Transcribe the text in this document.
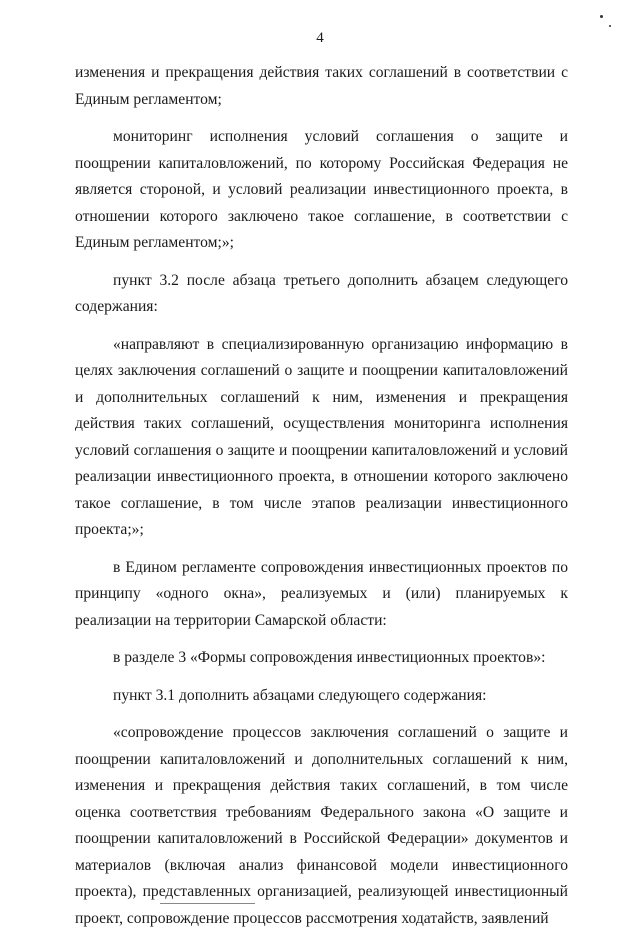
4

изменения и прекращения действия таких соглашений в соответствии с Единым регламентом;

мониторинг исполнения условий соглашения о защите и поощрении капиталовложений, по которому Российская Федерация не является стороной, и условий реализации инвестиционного проекта, в отношении которого заключено такое соглашение, в соответствии с Единым регламентом;»;

пункт 3.2 после абзаца третьего дополнить абзацем следующего содержания:

«направляют в специализированную организацию информацию в целях заключения соглашений о защите и поощрении капиталовложений и дополнительных соглашений к ним, изменения и прекращения действия таких соглашений, осуществления мониторинга исполнения условий соглашения о защите и поощрении капиталовложений и условий реализации инвестиционного проекта, в отношении которого заключено такое соглашение, в том числе этапов реализации инвестиционного проекта;»;

в Едином регламенте сопровождения инвестиционных проектов по принципу «одного окна», реализуемых и (или) планируемых к реализации на территории Самарской области:

в разделе 3 «Формы сопровождения инвестиционных проектов»:

пункт 3.1 дополнить абзацами следующего содержания:

«сопровождение процессов заключения соглашений о защите и поощрении капиталовложений и дополнительных соглашений к ним, изменения и прекращения действия таких соглашений, в том числе оценка соответствия требованиям Федерального закона «О защите и поощрении капиталовложений в Российской Федерации» документов и материалов (включая анализ финансовой модели инвестиционного проекта), представленных организацией, реализующей инвестиционный проект, сопровождение процессов рассмотрения ходатайств, заявлений
